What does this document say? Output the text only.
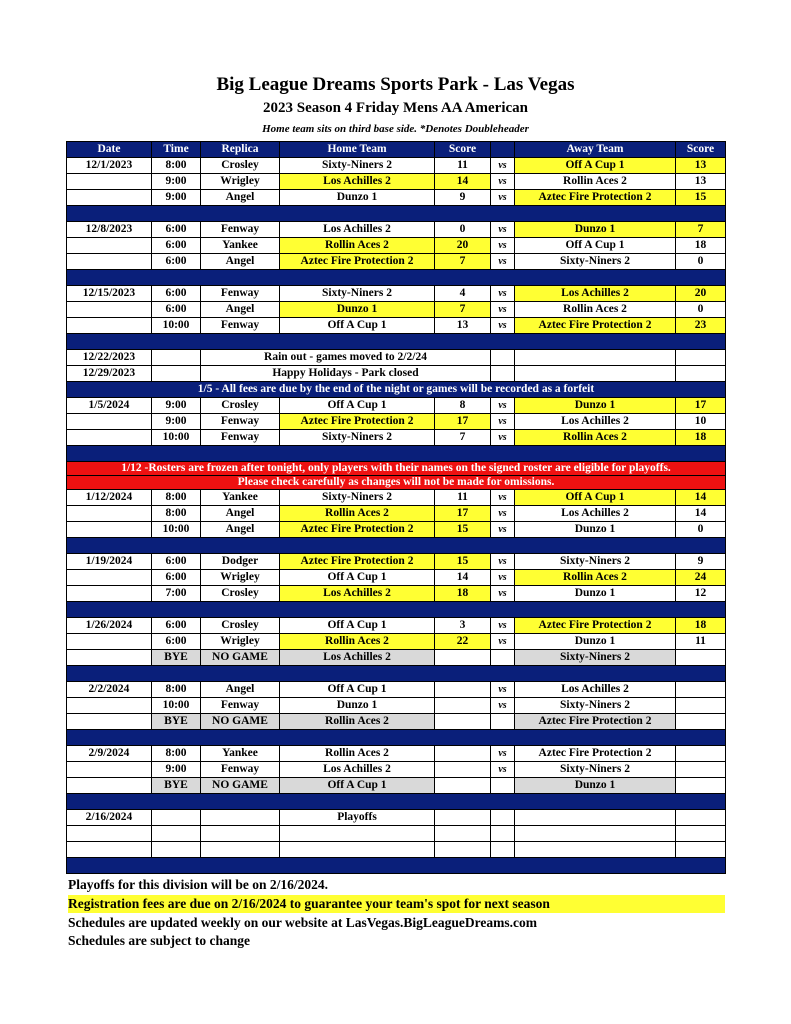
Big League Dreams Sports Park - Las Vegas
2023 Season 4 Friday Mens AA American
Home team sits on third base side. *Denotes Doubleheader
Date	Time	Replica	Home Team	Score		Away Team	Score
12/1/2023	8:00	Crosley	Sixty-Niners 2	11	vs	Off A Cup 1	13
	9:00	Wrigley	Los Achilles 2	14	vs	Rollin Aces 2	13
	9:00	Angel	Dunzo 1	9	vs	Aztec Fire Protection 2	15

12/8/2023	6:00	Fenway	Los Achilles 2	0	vs	Dunzo 1	7
	6:00	Yankee	Rollin Aces 2	20	vs	Off A Cup 1	18
	6:00	Angel	Aztec Fire Protection 2	7	vs	Sixty-Niners 2	0

12/15/2023	6:00	Fenway	Sixty-Niners 2	4	vs	Los Achilles 2	20
	6:00	Angel	Dunzo 1	7	vs	Rollin Aces 2	0
	10:00	Fenway	Off A Cup 1	13	vs	Aztec Fire Protection 2	23

12/22/2023		Rain out - games moved to 2/2/24					
12/29/2023		Happy Holidays - Park closed					
1/5 - All fees are due by the end of the night or games will be recorded as a forfeit							
1/5/2024	9:00	Crosley	Off A Cup 1	8	vs	Dunzo 1	17
	9:00	Fenway	Aztec Fire Protection 2	17	vs	Los Achilles 2	10
	10:00	Fenway	Sixty-Niners 2	7	vs	Rollin Aces 2	18

1/12 -Rosters are frozen after tonight, only players with their names on the signed roster are eligible for playoffs.							
Please check carefully as changes will not be made for omissions.							
1/12/2024	8:00	Yankee	Sixty-Niners 2	11	vs	Off A Cup 1	14
	8:00	Angel	Rollin Aces 2	17	vs	Los Achilles 2	14
	10:00	Angel	Aztec Fire Protection 2	15	vs	Dunzo 1	0

1/19/2024	6:00	Dodger	Aztec Fire Protection 2	15	vs	Sixty-Niners 2	9
	6:00	Wrigley	Off A Cup 1	14	vs	Rollin Aces 2	24
	7:00	Crosley	Los Achilles 2	18	vs	Dunzo 1	12

1/26/2024	6:00	Crosley	Off A Cup 1	3	vs	Aztec Fire Protection 2	18
	6:00	Wrigley	Rollin Aces 2	22	vs	Dunzo 1	11
	BYE	NO GAME	Los Achilles 2			Sixty-Niners 2	

2/2/2024	8:00	Angel	Off A Cup 1		vs	Los Achilles 2	
	10:00	Fenway	Dunzo 1		vs	Sixty-Niners 2	
	BYE	NO GAME	Rollin Aces 2			Aztec Fire Protection 2	

2/9/2024	8:00	Yankee	Rollin Aces 2		vs	Aztec Fire Protection 2	
	9:00	Fenway	Los Achilles 2		vs	Sixty-Niners 2	
	BYE	NO GAME	Off A Cup 1			Dunzo 1	

2/16/2024			Playoffs				

Playoffs for this division will be on 2/16/2024.
Registration fees are due on 2/16/2024 to guarantee your team's spot for next season
Schedules are updated weekly on our website at LasVegas.BigLeagueDreams.com
Schedules are subject to change
